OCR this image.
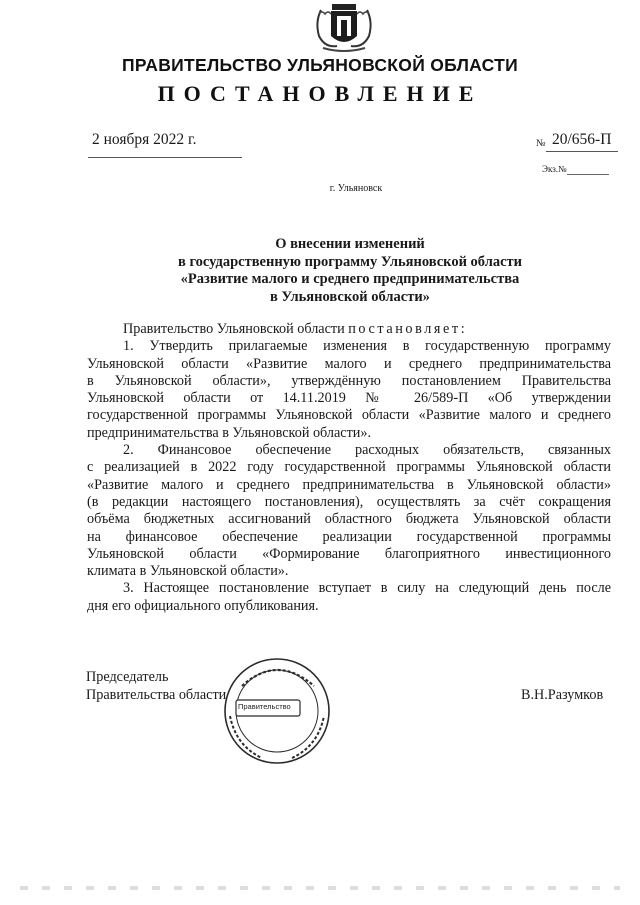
ПРАВИТЕЛЬСТВО УЛЬЯНОВСКОЙ ОБЛАСТИ
ПОСТАНОВЛЕНИЕ
2 ноября 2022 г.	№ 20/656-П
Экз.№
г. Ульяновск
О внесении изменений
в государственную программу Ульяновской области
«Развитие малого и среднего предпринимательства
в Ульяновской области»
Правительство Ульяновской области постановляет:
1. Утвердить прилагаемые изменения в государственную программу
Ульяновской области «Развитие малого и среднего предпринимательства
в Ульяновской области», утверждённую постановлением Правительства
Ульяновской области от 14.11.2019 № 26/589-П «Об утверждении
государственной программы Ульяновской области «Развитие малого и среднего
предпринимательства в Ульяновской области».
2. Финансовое обеспечение расходных обязательств, связанных
с реализацией в 2022 году государственной программы Ульяновской области
«Развитие малого и среднего предпринимательства в Ульяновской области»
(в редакции настоящего постановления), осуществлять за счёт сокращения
объёма бюджетных ассигнований областного бюджета Ульяновской области
на финансовое обеспечение реализации государственной программы
Ульяновской области «Формирование благоприятного инвестиционного
климата в Ульяновской области».
3. Настоящее постановление вступает в силу на следующий день после
дня его официального опубликования.
Председатель
Правительства области	В.Н.Разумков
Правительство
